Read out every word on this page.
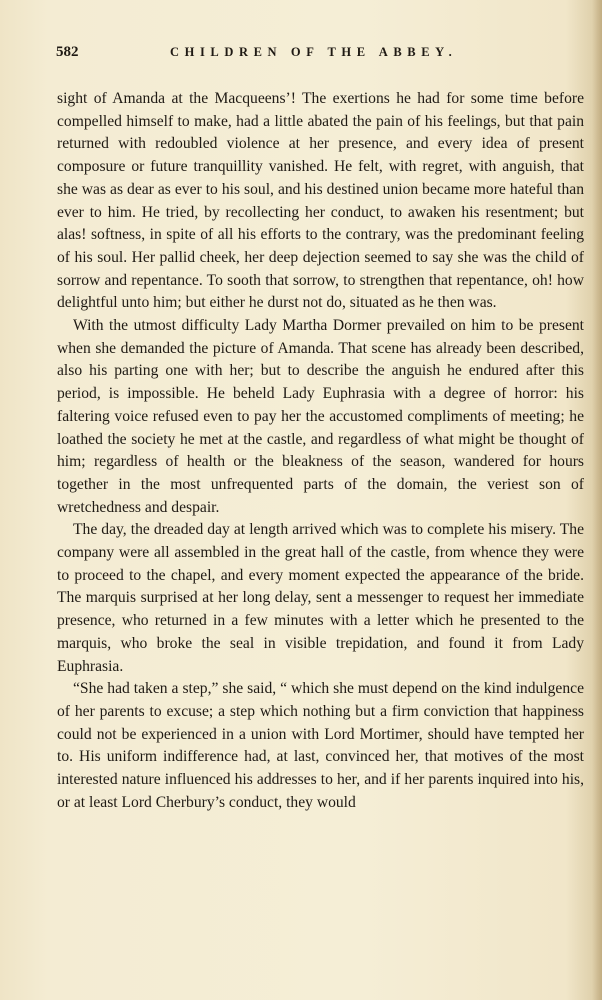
582	CHILDREN OF THE ABBEY.

sight of Amanda at the Macqueens’! The exertions he had for some time before compelled himself to make, had a little abated the pain of his feelings, but that pain returned with redoubled violence at her presence, and every idea of present composure or future tranquillity vanished. He felt, with regret, with anguish, that she was as dear as ever to his soul, and his destined union became more hateful than ever to him. He tried, by recollecting her conduct, to awaken his resentment; but alas! softness, in spite of all his efforts to the contrary, was the predominant feeling of his soul. Her pallid cheek, her deep dejection seemed to say she was the child of sorrow and repentance. To sooth that sorrow, to strengthen that repentance, oh! how delightful unto him; but either he durst not do, situated as he then was.

With the utmost difficulty Lady Martha Dormer prevailed on him to be present when she demanded the picture of Amanda. That scene has already been described, also his parting one with her; but to describe the anguish he endured after this period, is impossible. He beheld Lady Euphrasia with a degree of horror: his faltering voice refused even to pay her the accustomed compliments of meeting; he loathed the society he met at the castle, and regardless of what might be thought of him; regardless of health or the bleakness of the season, wandered for hours together in the most unfrequented parts of the domain, the veriest son of wretchedness and despair.

The day, the dreaded day at length arrived which was to complete his misery. The company were all assembled in the great hall of the castle, from whence they were to proceed to the chapel, and every moment expected the appearance of the bride. The marquis surprised at her long delay, sent a messenger to request her immediate presence, who returned in a few minutes with a letter which he presented to the marquis, who broke the seal in visible trepidation, and found it from Lady Euphrasia.

“She had taken a step,” she said, “ which she must depend on the kind indulgence of her parents to excuse; a step which nothing but a firm conviction that happiness could not be experienced in a union with Lord Mortimer, should have tempted her to. His uniform indifference had, at last, convinced her, that motives of the most interested nature influenced his addresses to her, and if her parents inquired into his, or at least Lord Cherbury’s conduct, they would
